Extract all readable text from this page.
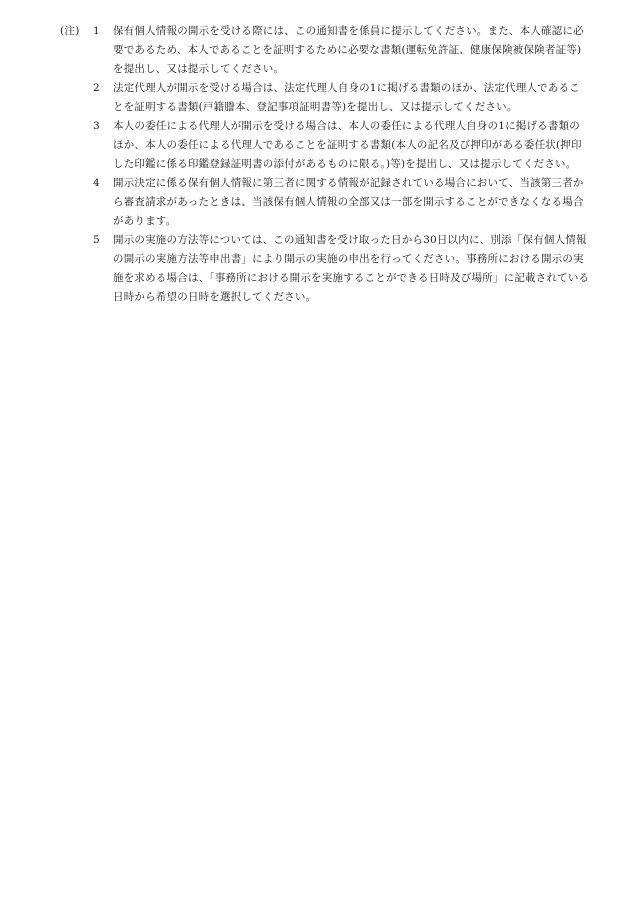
(注) 1	保有個人情報の開示を受ける際には、この通知書を係員に提示してください。また、本人確認に必要であるため、本人であることを証明するために必要な書類(運転免許証、健康保険被保険者証等)を提出し、又は提示してください。
2	法定代理人が開示を受ける場合は、法定代理人自身の1に掲げる書類のほか、法定代理人であることを証明する書類(戸籍謄本、登記事項証明書等)を提出し、又は提示してください。
3	本人の委任による代理人が開示を受ける場合は、本人の委任による代理人自身の1に掲げる書類のほか、本人の委任による代理人であることを証明する書類(本人の記名及び押印がある委任状(押印した印鑑に係る印鑑登録証明書の添付があるものに限る。)等)を提出し、又は提示してください。
4	開示決定に係る保有個人情報に第三者に関する情報が記録されている場合において、当該第三者から審査請求があったときは、当該保有個人情報の全部又は一部を開示することができなくなる場合があります。
5	開示の実施の方法等については、この通知書を受け取った日から30日以内に、別添「保有個人情報の開示の実施方法等申出書」により開示の実施の申出を行ってください。事務所における開示の実施を求める場合は、「事務所における開示を実施することができる日時及び場所」に記載されている日時から希望の日時を選択してください。
